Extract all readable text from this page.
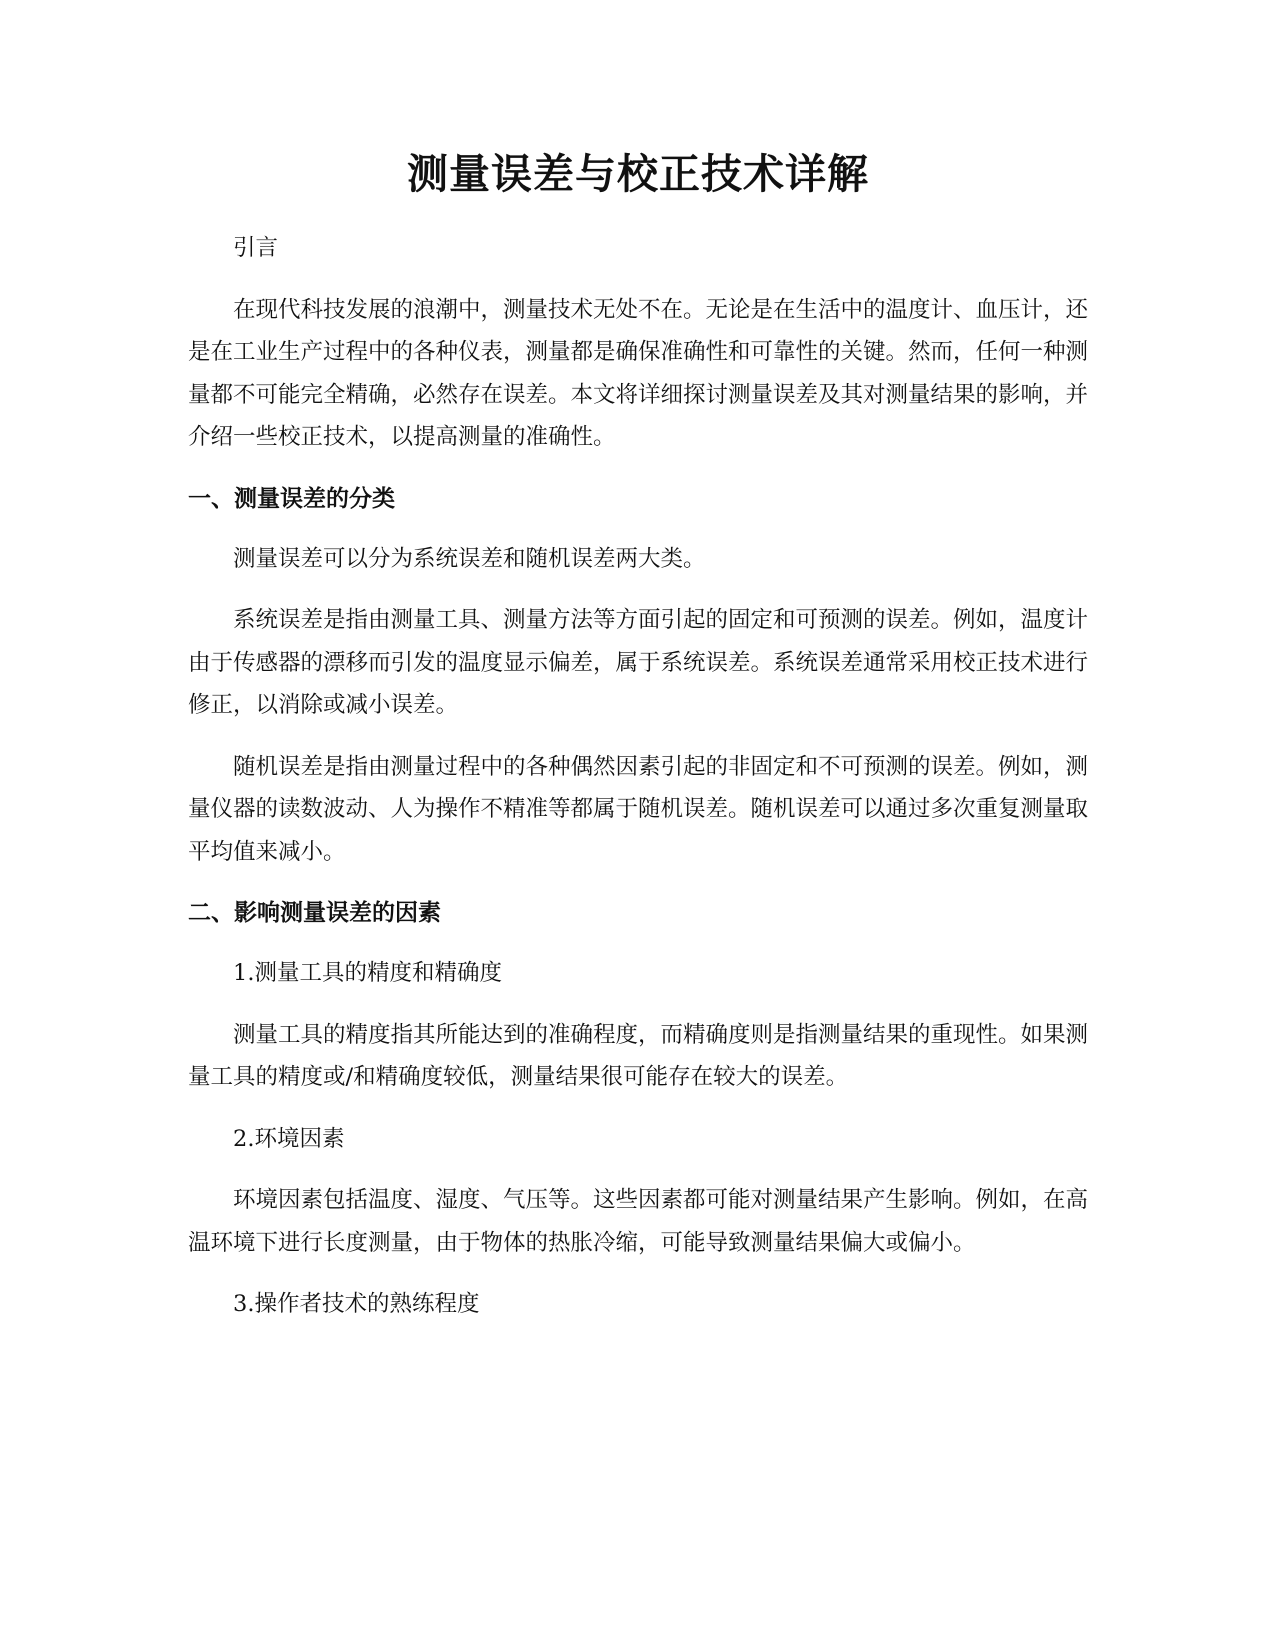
测量误差与校正技术详解

引言

在现代科技发展的浪潮中，测量技术无处不在。无论是在生活中的温度计、血压计，还是在工业生产过程中的各种仪表，测量都是确保准确性和可靠性的关键。然而，任何一种测量都不可能完全精确，必然存在误差。本文将详细探讨测量误差及其对测量结果的影响，并介绍一些校正技术，以提高测量的准确性。

一、测量误差的分类

测量误差可以分为系统误差和随机误差两大类。

系统误差是指由测量工具、测量方法等方面引起的固定和可预测的误差。例如，温度计由于传感器的漂移而引发的温度显示偏差，属于系统误差。系统误差通常采用校正技术进行修正，以消除或减小误差。

随机误差是指由测量过程中的各种偶然因素引起的非固定和不可预测的误差。例如，测量仪器的读数波动、人为操作不精准等都属于随机误差。随机误差可以通过多次重复测量取平均值来减小。

二、影响测量误差的因素

1.测量工具的精度和精确度

测量工具的精度指其所能达到的准确程度，而精确度则是指测量结果的重现性。如果测量工具的精度或/和精确度较低，测量结果很可能存在较大的误差。

2.环境因素

环境因素包括温度、湿度、气压等。这些因素都可能对测量结果产生影响。例如，在高温环境下进行长度测量，由于物体的热胀冷缩，可能导致测量结果偏大或偏小。

3.操作者技术的熟练程度
